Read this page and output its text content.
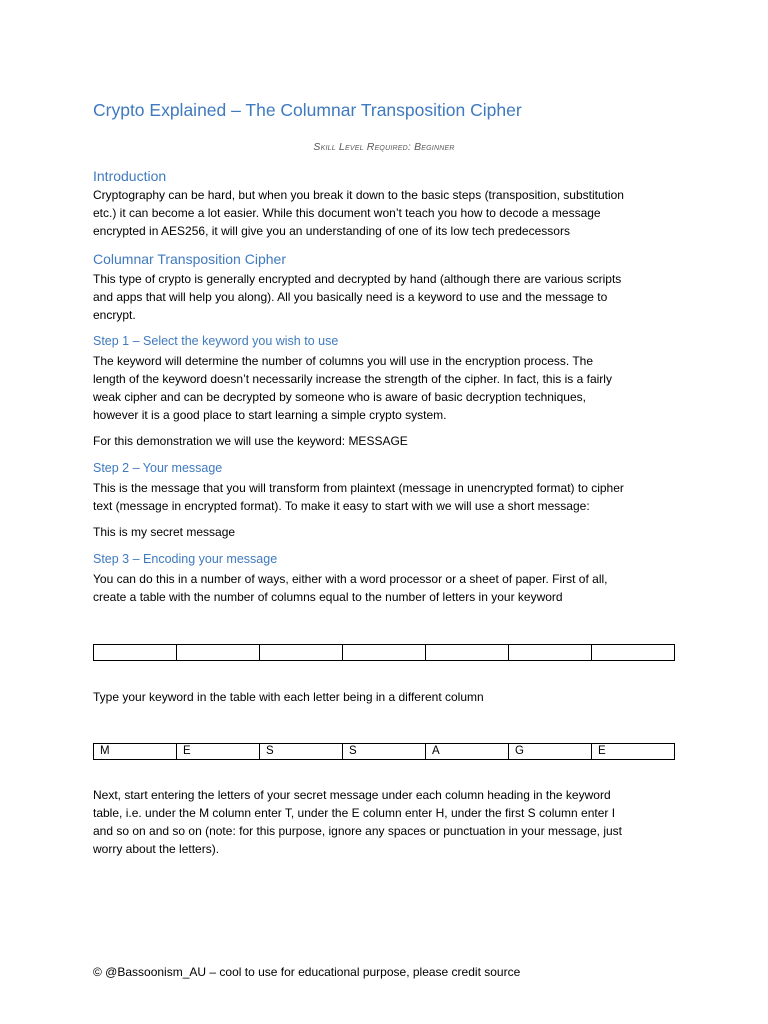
Crypto Explained – The Columnar Transposition Cipher
Skill Level Required: Beginner
Introduction
Cryptography can be hard, but when you break it down to the basic steps (transposition, substitution
etc.) it can become a lot easier. While this document won’t teach you how to decode a message
encrypted in AES256, it will give you an understanding of one of its low tech predecessors
Columnar Transposition Cipher
This type of crypto is generally encrypted and decrypted by hand (although there are various scripts
and apps that will help you along). All you basically need is a keyword to use and the message to
encrypt.
Step 1 – Select the keyword you wish to use
The keyword will determine the number of columns you will use in the encryption process. The
length of the keyword doesn’t necessarily increase the strength of the cipher. In fact, this is a fairly
weak cipher and can be decrypted by someone who is aware of basic decryption techniques,
however it is a good place to start learning a simple crypto system.
For this demonstration we will use the keyword: MESSAGE
Step 2 – Your message
This is the message that you will transform from plaintext (message in unencrypted format) to cipher
text (message in encrypted format). To make it easy to start with we will use a short message:
This is my secret message
Step 3 – Encoding your message
You can do this in a number of ways, either with a word processor or a sheet of paper. First of all,
create a table with the number of columns equal to the number of letters in your keyword

Type your keyword in the table with each letter being in a different column
M	E	S	S	A	G	E
Next, start entering the letters of your secret message under each column heading in the keyword
table, i.e. under the M column enter T, under the E column enter H, under the first S column enter I
and so on and so on (note: for this purpose, ignore any spaces or punctuation in your message, just
worry about the letters).

© @Bassoonism_AU – cool to use for educational purpose, please credit source
